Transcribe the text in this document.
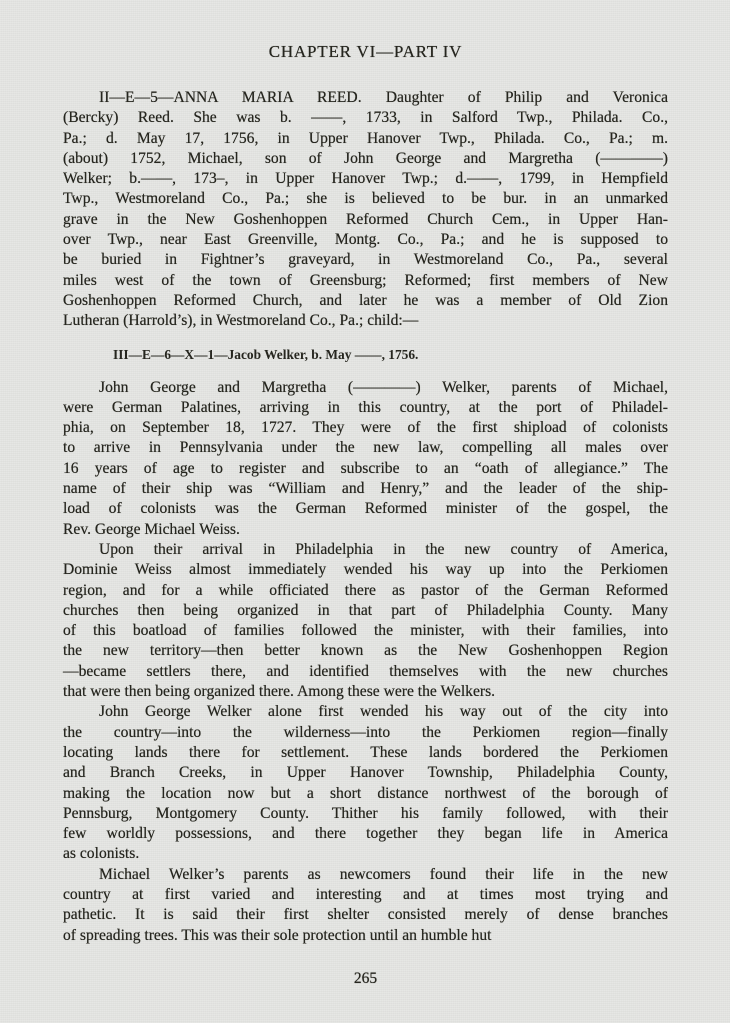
CHAPTER VI—PART IV
II—E—5—ANNA MARIA REED. Daughter of Philip and Veronica
(Bercky) Reed. She was b. ——, 1733, in Salford Twp., Philada. Co.,
Pa.; d. May 17, 1756, in Upper Hanover Twp., Philada. Co., Pa.; m.
(about) 1752, Michael, son of John George and Margretha (————)
Welker; b.——, 173–, in Upper Hanover Twp.; d.——, 1799, in Hempfield
Twp., Westmoreland Co., Pa.; she is believed to be bur. in an unmarked
grave in the New Goshenhoppen Reformed Church Cem., in Upper Han-
over Twp., near East Greenville, Montg. Co., Pa.; and he is supposed to
be buried in Fightner’s graveyard, in Westmoreland Co., Pa., several
miles west of the town of Greensburg; Reformed; first members of New
Goshenhoppen Reformed Church, and later he was a member of Old Zion
Lutheran (Harrold’s), in Westmoreland Co., Pa.; child:—
III—E—6—X—1—Jacob Welker, b. May ——, 1756.
John George and Margretha (————) Welker, parents of Michael,
were German Palatines, arriving in this country, at the port of Philadel-
phia, on September 18, 1727. They were of the first shipload of colonists
to arrive in Pennsylvania under the new law, compelling all males over
16 years of age to register and subscribe to an “oath of allegiance.” The
name of their ship was “William and Henry,” and the leader of the ship-
load of colonists was the German Reformed minister of the gospel, the
Rev. George Michael Weiss.
Upon their arrival in Philadelphia in the new country of America,
Dominie Weiss almost immediately wended his way up into the Perkiomen
region, and for a while officiated there as pastor of the German Reformed
churches then being organized in that part of Philadelphia County. Many
of this boatload of families followed the minister, with their families, into
the new territory—then better known as the New Goshenhoppen Region
—became settlers there, and identified themselves with the new churches
that were then being organized there. Among these were the Welkers.
John George Welker alone first wended his way out of the city into
the country—into the wilderness—into the Perkiomen region—finally
locating lands there for settlement. These lands bordered the Perkiomen
and Branch Creeks, in Upper Hanover Township, Philadelphia County,
making the location now but a short distance northwest of the borough of
Pennsburg, Montgomery County. Thither his family followed, with their
few worldly possessions, and there together they began life in America
as colonists.
Michael Welker’s parents as newcomers found their life in the new
country at first varied and interesting and at times most trying and
pathetic. It is said their first shelter consisted merely of dense branches
of spreading trees. This was their sole protection until an humble hut
265
